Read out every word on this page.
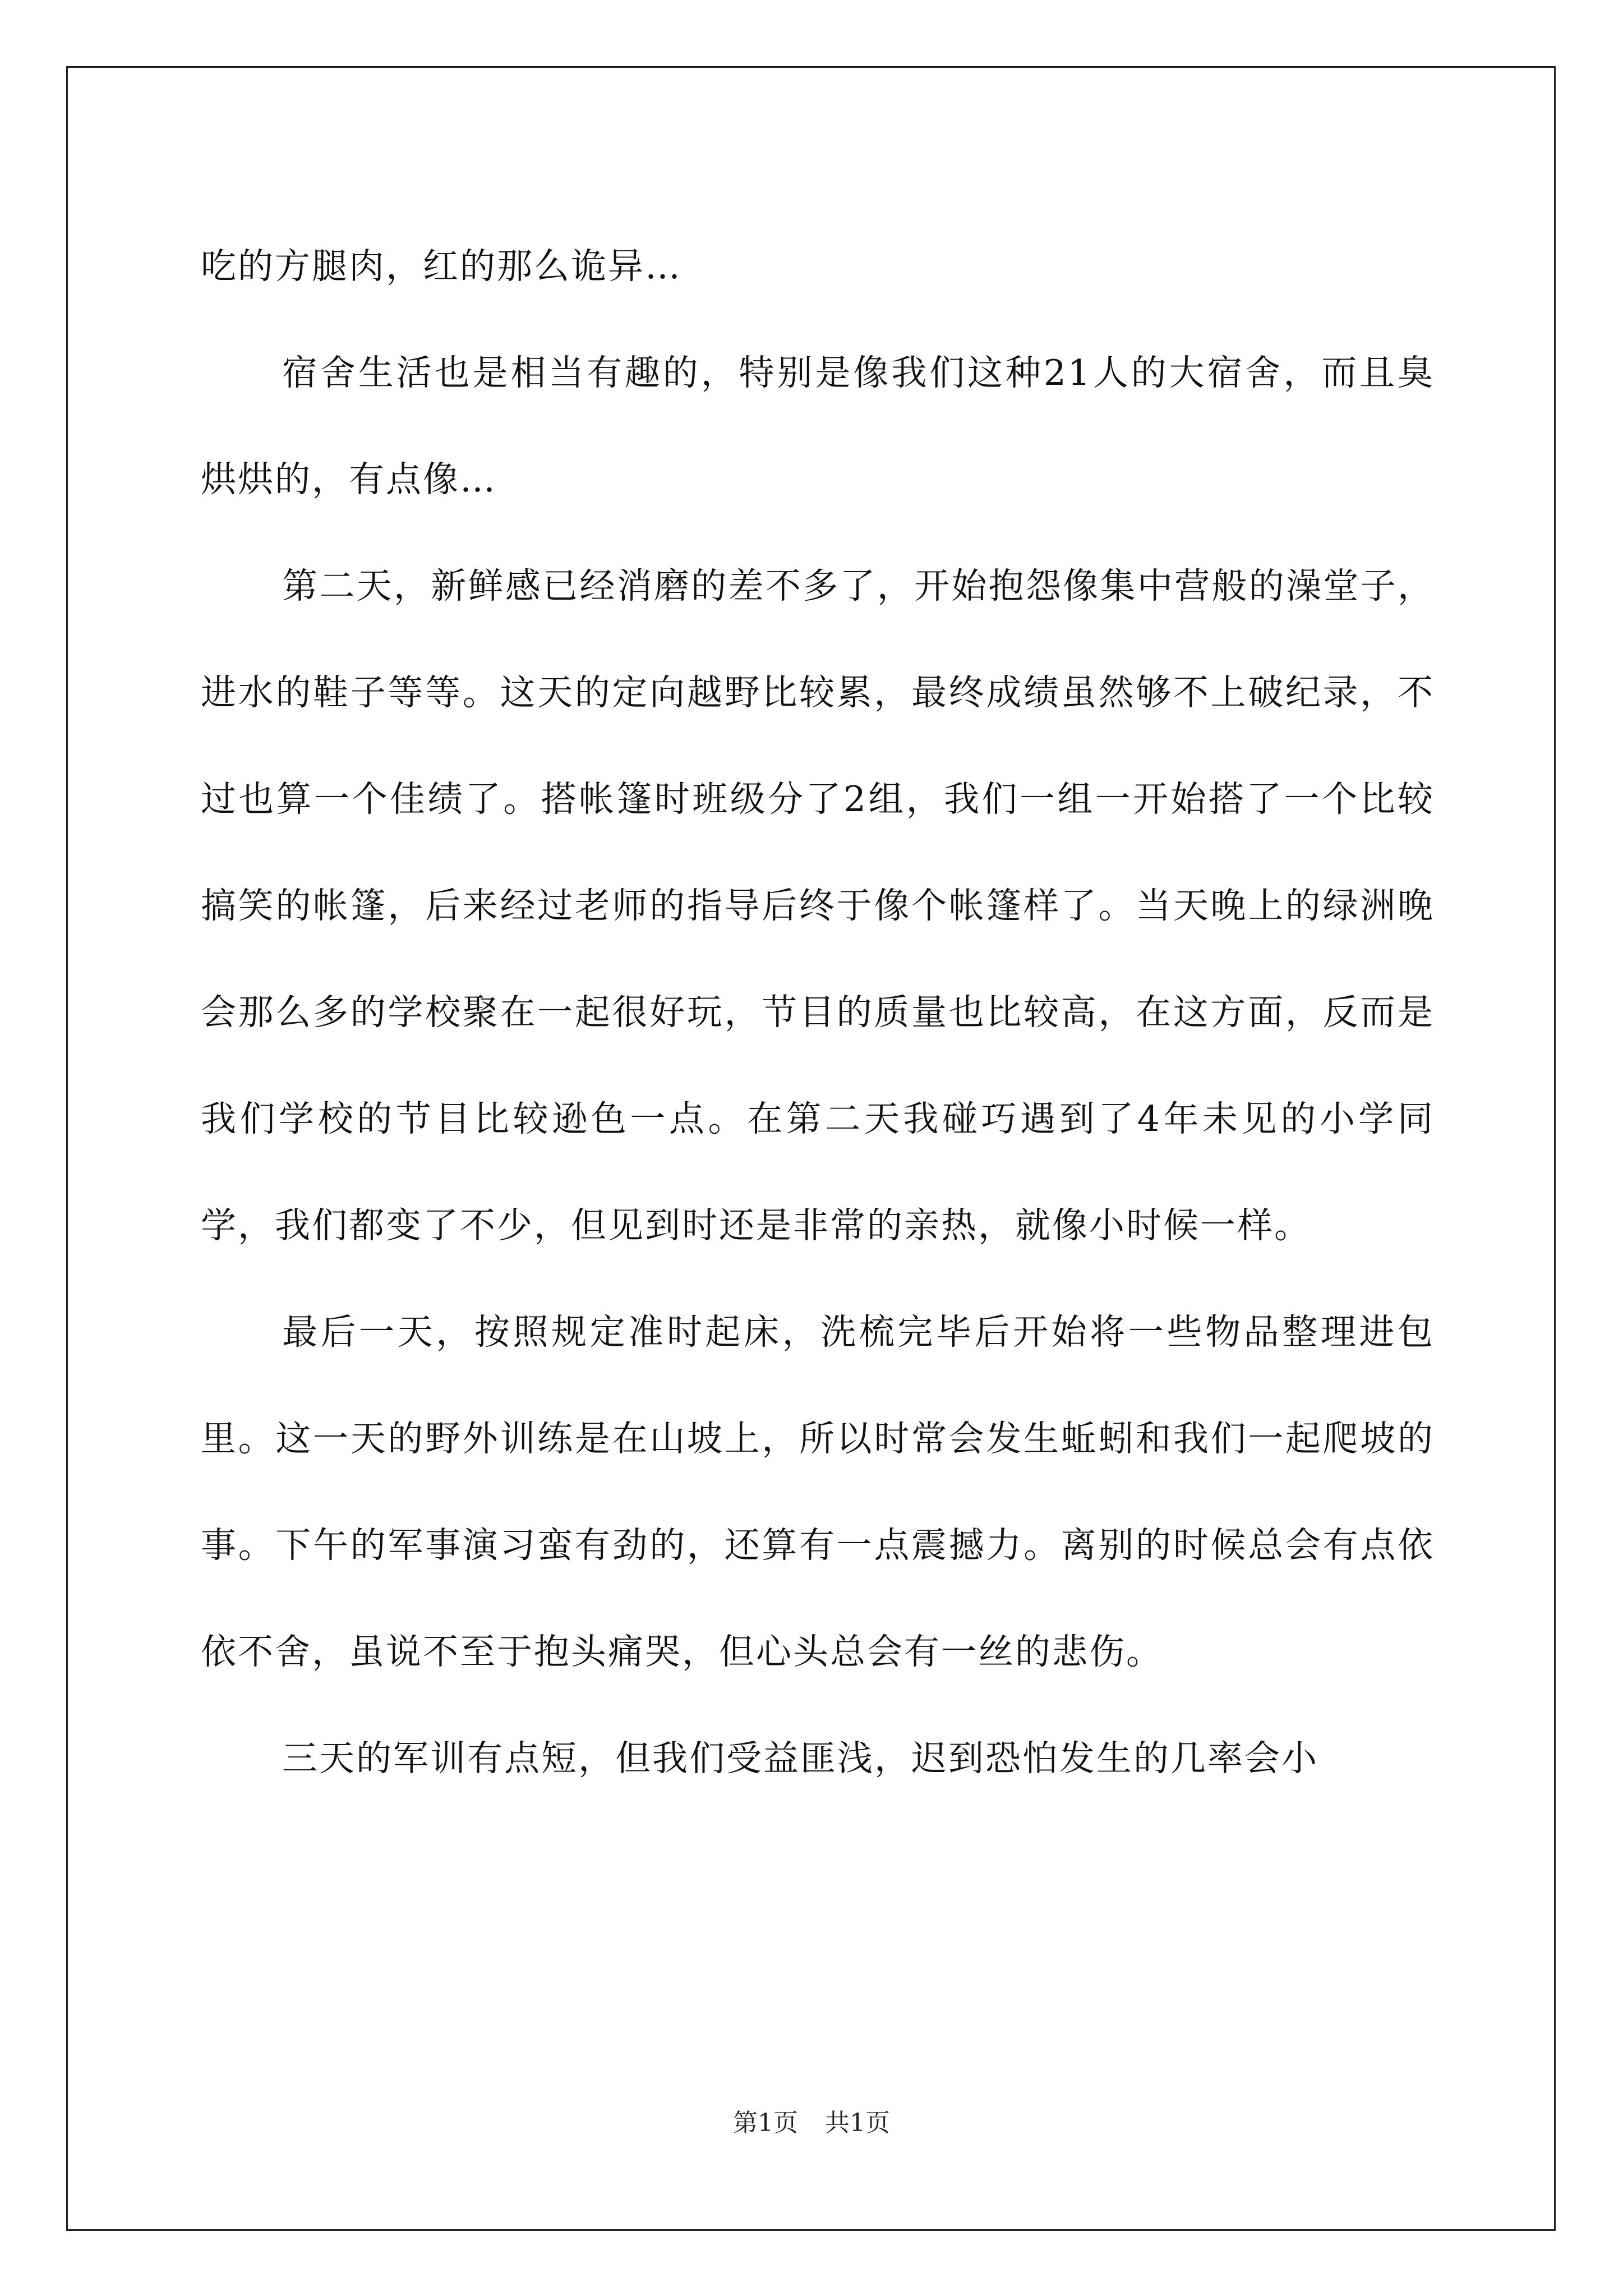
吃的方腿肉，红的那么诡异…

宿舍生活也是相当有趣的，特别是像我们这种21人的大宿舍，而且臭烘烘的，有点像…

第二天，新鲜感已经消磨的差不多了，开始抱怨像集中营般的澡堂子，进水的鞋子等等。这天的定向越野比较累，最终成绩虽然够不上破纪录，不过也算一个佳绩了。搭帐篷时班级分了2组，我们一组一开始搭了一个比较搞笑的帐篷，后来经过老师的指导后终于像个帐篷样了。当天晚上的绿洲晚会那么多的学校聚在一起很好玩，节目的质量也比较高，在这方面，反而是我们学校的节目比较逊色一点。在第二天我碰巧遇到了4年未见的小学同学，我们都变了不少，但见到时还是非常的亲热，就像小时候一样。

最后一天，按照规定准时起床，洗梳完毕后开始将一些物品整理进包里。这一天的野外训练是在山坡上，所以时常会发生蚯蚓和我们一起爬坡的事。下午的军事演习蛮有劲的，还算有一点震撼力。离别的时候总会有点依依不舍，虽说不至于抱头痛哭，但心头总会有一丝的悲伤。

三天的军训有点短，但我们受益匪浅，迟到恐怕发生的几率会小

第1页 共1页
